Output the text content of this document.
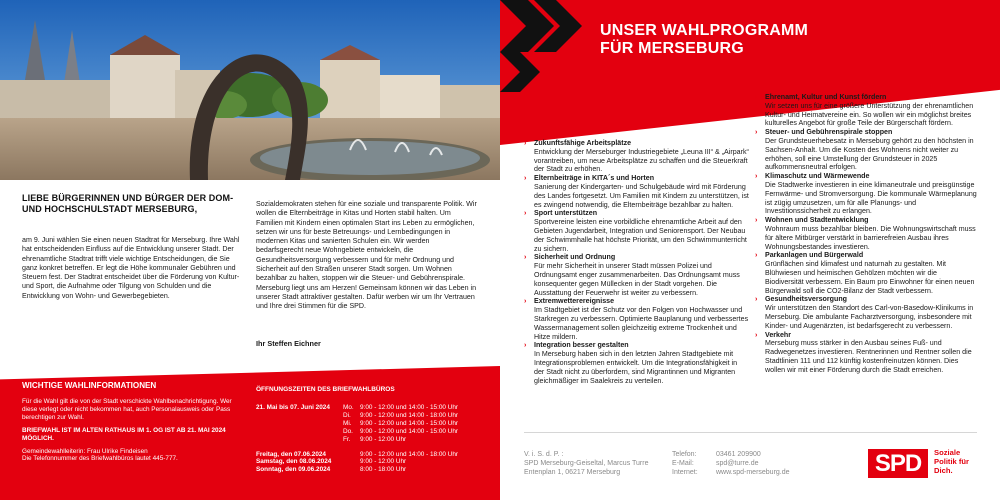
LIEBE BÜRGERINNEN UND BÜRGER DER DOM-UND HOCHSCHULSTADT MERSEBURG,

am 9. Juni wählen Sie einen neuen Stadtrat für Merseburg. Ihre Wahl hat entscheidenden Einfluss auf die Entwicklung unserer Stadt. Der ehrenamtliche Stadtrat trifft viele wichtige Entscheidungen, die Sie ganz konkret betreffen. Er legt die Höhe kommunaler Gebühren und Steuern fest. Der Stadtrat entscheidet über die Förderung von Kultur- und Sport, die Aufnahme oder Tilgung von Schulden und die Entwicklung von Wohn- und Gewerbegebieten.

Sozialdemokraten stehen für eine soziale und transparente Politik. Wir wollen die Elternbeiträge in Kitas und Horten stabil halten. Um Familien mit Kindern einen optimalen Start ins Leben zu ermöglichen, setzen wir uns für beste Betreuungs- und Lernbedingungen in modernen Kitas und sanierten Schulen ein. Wir werden bedarfsgerecht neue Wohngebiete entwickeln, die Gesundheitsversorgung verbessern und für mehr Ordnung und Sicherheit auf den Straßen unserer Stadt sorgen. Um Wohnen bezahlbar zu halten, stoppen wir die Steuer- und Gebührenspirale. Merseburg liegt uns am Herzen! Gemeinsam können wir das Leben in unserer Stadt attraktiver gestalten. Dafür werben wir um Ihr Vertrauen und Ihre drei Stimmen für die SPD.

Ihr Steffen Eichner
WICHTIGE WAHLINFORMATIONEN

Für die Wahl gilt die von der Stadt verschickte Wahlbenachrichtigung. Wer diese verlegt oder nicht bekommen hat, auch Personalausweis oder Pass berechtigen zur Wahl.

BRIEFWAHL IST IM ALTEN RATHAUS IM 1. OG IST AB 21. MAI 2024 MÖGLICH.

Gemeindewahlleiterin: Frau Ulrike Findeisen

Die Telefonnummer des Briefwahlbüros lautet 445-777.

ÖFFNUNGSZEITEN DES BRIEFWAHLBÜROS
21. Mai bis 07. Juni 2024	Mo. 9:00 - 12:00 und 14:00 - 15:00 Uhr
Di.	9:00 - 12:00 und 14:00 - 18:00 Uhr
Mi.	9:00 - 12:00 und 14:00 - 15:00 Uhr
Do.	9:00 - 12:00 und 14:00 - 15:00 Uhr
Fr.	9:00 - 12:00 Uhr
Freitag, den 07.06.2024	9:00 - 12:00 und 14:00 - 18:00 Uhr
Samstag, den 08.06.2024	9:00 - 12:00 Uhr
Sonntag, den 09.06.2024	8:00 - 18:00 Uhr
UNSER WAHLPROGRAMM
FÜR MERSEBURG
›	Zukunftsfähige Arbeitsplätze
Entwicklung der Merseburger Industriegebiete „Leuna III“ & „Airpark“ vorantreiben, um neue Arbeitsplätze zu schaffen und die Steuerkraft der Stadt zu erhöhen.
›	Elternbeiträge in KITA´s und Horten
Sanierung der Kindergarten- und Schulgebäude wird mit Förderung des Landes fortgesetzt. Um Familien mit Kindern zu unterstützen, ist es zwingend notwendig, die Elternbeiträge bezahlbar zu halten.
›	Sport unterstützen
Sportvereine leisten eine vorbildliche ehrenamtliche Arbeit auf den Gebieten Jugendarbeit, Integration und Seniorensport. Der Neubau der Schwimmhalle hat höchste Priorität, um den Schwimmunterricht zu sichern.
›	Sicherheit und Ordnung
Für mehr Sicherheit in unserer Stadt müssen Polizei und Ordnungsamt enger zusammenarbeiten. Das Ordnungsamt muss konsequenter gegen Müllecken in der Stadt vorgehen. Die Ausstattung der Feuerwehr ist weiter zu verbessern.
›	Extremwetterereignisse
Im Stadtgebiet ist der Schutz vor den Folgen von Hochwasser und Starkregen zu verbessern. Optimierte Bauplanung und verbessertes Wassermanagement sollen gleichzeitig extreme Trockenheit und Hitze mildern.
›	Integration besser gestalten
In Merseburg haben sich in den letzten Jahren Stadtgebiete mit Integrationsproblemen entwickelt. Um die Integrationsfähigkeit in der Stadt nicht zu überfordern, sind Migrantinnen und Migranten gleichmäßiger im Saalekreis zu verteilen.
›	Ehrenamt, Kultur und Kunst fördern
Wir setzen uns für eine größere Unterstützung der ehrenamtlichen Kultur- und Heimatvereine ein. So wollen wir ein möglichst breites kulturelles Angebot für große Teile der Bürgerschaft fördern.
›	Steuer- und Gebührenspirale stoppen
Der Grundsteuerhebesatz in Merseburg gehört zu den höchsten in Sachsen-Anhalt. Um die Kosten des Wohnens nicht weiter zu erhöhen, soll eine Umstellung der Grundsteuer in 2025 aufkommensneutral erfolgen.
›	Klimaschutz und Wärmewende
Die Stadtwerke investieren in eine klimaneutrale und preisgünstige Fernwärme- und Stromversorgung. Die kommunale Wärmeplanung ist zügig umzusetzen, um für alle Planungs- und Investitionssicherheit zu erlangen.
›	Wohnen und Stadtentwicklung
Wohnraum muss bezahlbar bleiben. Die Wohnungswirtschaft muss für ältere Mitbürger verstärkt in barrierefreien Ausbau ihres Wohnungsbestandes investieren.
›	Parkanlagen und Bürgerwald
Grünflächen sind klimafest und naturnah zu gestalten. Mit Blühwiesen und heimischen Gehölzen möchten wir die Biodiversität verbessern. Ein Baum pro Einwohner für einen neuen Bürgerwald soll die CO2-Bilanz der Stadt verbessern.
›	Gesundheitsversorgung
Wir unterstützen den Standort des Carl-von-Basedow-Klinikums in Merseburg. Die ambulante Facharztversorgung, insbesondere mit Kinder- und Augenärzten, ist bedarfsgerecht zu verbessern.
›	Verkehr
Merseburg muss stärker in den Ausbau seines Fuß- und Radwegenetzes investieren. Rentnerinnen und Rentner sollen die Stadtlinien 111 und 112 künftig kostenfreinutzen können. Dies wollen wir mit einer Förderung durch die Stadt erreichen.
V. i. S. d. P. :
SPD Merseburg-Geiseltal, Marcus Turre
Entenplan 1, 06217 Merseburg
Telefon:	03461 209900
E-Mail:	spd@turre.de
Internet:	www.spd-merseburg.de	SPD	Soziale
Politik für
Dich.
